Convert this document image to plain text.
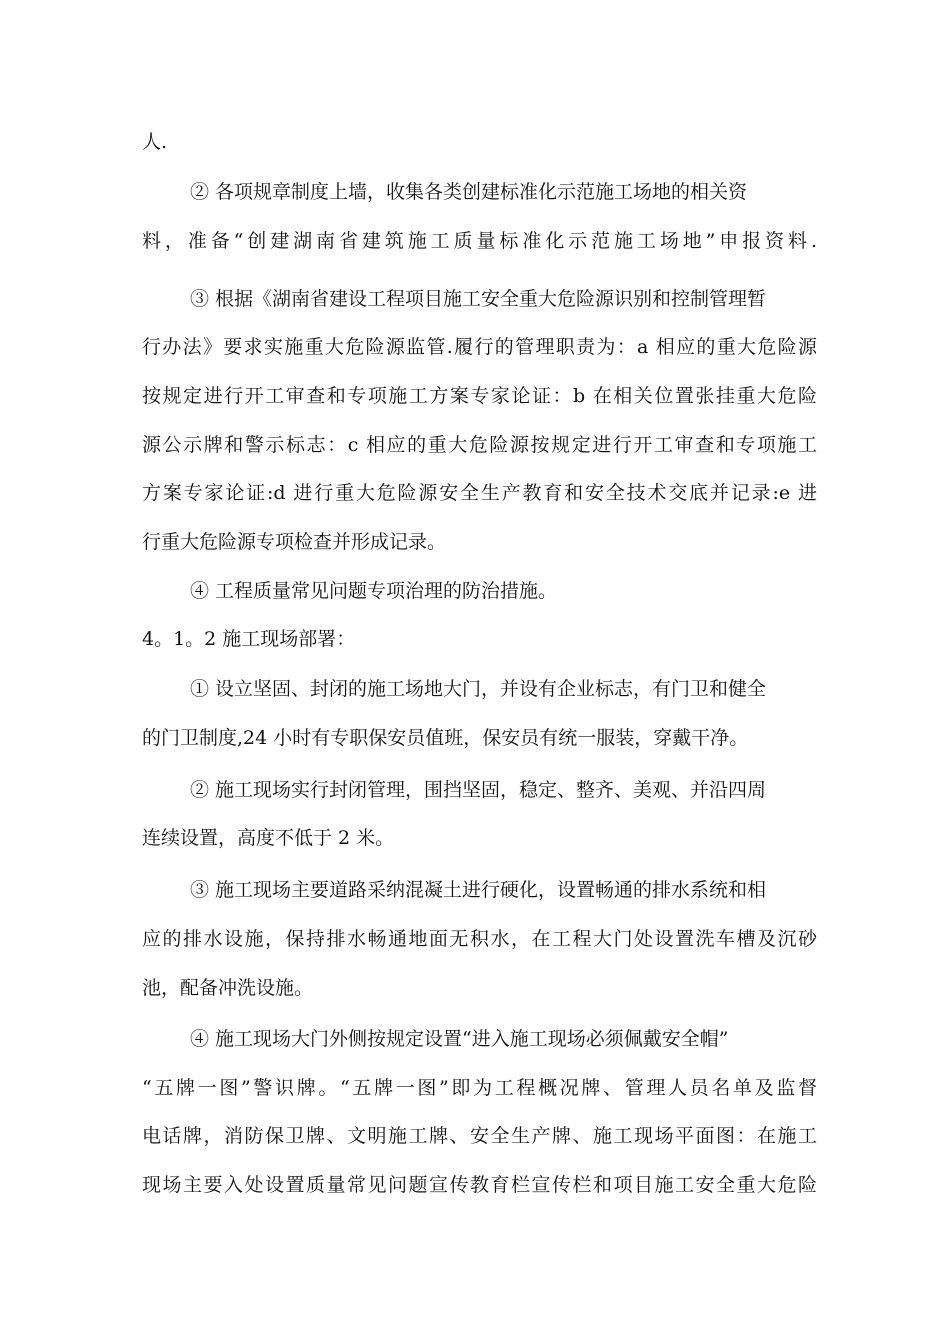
人.
② 各项规章制度上墙，收集各类创建标准化示范施工场地的相关资
料，准备“创建湖南省建筑施工质量标准化示范施工场地”申报资料.
③ 根据《湖南省建设工程项目施工安全重大危险源识别和控制管理暂
行办法》要求实施重大危险源监管.履行的管理职责为：a 相应的重大危险源
按规定进行开工审查和专项施工方案专家论证：b 在相关位置张挂重大危险
源公示牌和警示标志：c 相应的重大危险源按规定进行开工审查和专项施工
方案专家论证:d 进行重大危险源安全生产教育和安全技术交底并记录:e 进
行重大危险源专项检查并形成记录。
④ 工程质量常见问题专项治理的防治措施。
4。1。2 施工现场部署：
① 设立坚固、封闭的施工场地大门，并设有企业标志，有门卫和健全
的门卫制度,24 小时有专职保安员值班，保安员有统一服装，穿戴干净。
② 施工现场实行封闭管理，围挡坚固，稳定、整齐、美观、并沿四周
连续设置，高度不低于 2 米。
③ 施工现场主要道路采纳混凝土进行硬化，设置畅通的排水系统和相
应的排水设施，保持排水畅通地面无积水，在工程大门处设置洗车槽及沉砂
池，配备冲洗设施。
④ 施工现场大门外侧按规定设置“进入施工现场必须佩戴安全帽”
“五牌一图”警识牌。“五牌一图”即为工程概况牌、管理人员名单及监督
电话牌，消防保卫牌、文明施工牌、安全生产牌、施工现场平面图：在施工
现场主要入处设置质量常见问题宣传教育栏宣传栏和项目施工安全重大危险
